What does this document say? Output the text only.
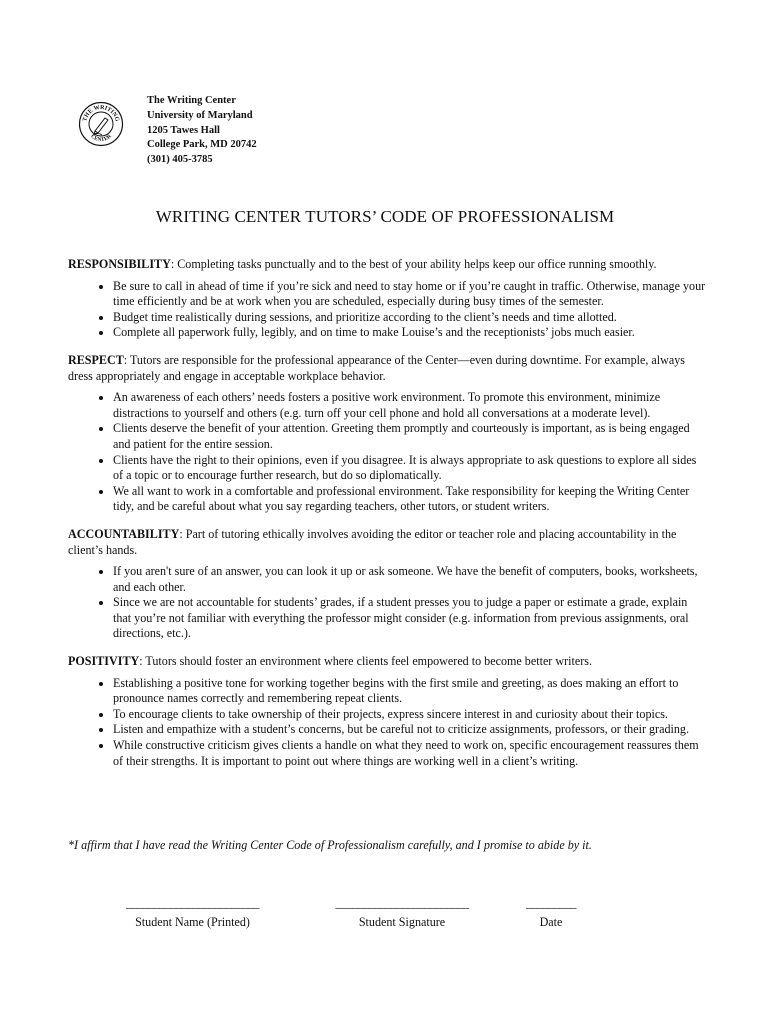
THE WRITING
CENTER
The Writing Center
University of Maryland
1205 Tawes Hall
College Park, MD 20742
(301) 405-3785
WRITING CENTER TUTORS’ CODE OF PROFESSIONALISM

RESPONSIBILITY: Completing tasks punctually and to the best of your ability helps keep our office running smoothly.

• Be sure to call in ahead of time if you’re sick and need to stay home or if you’re caught in traffic. Otherwise, manage your time efficiently and be at work when you are scheduled, especially during busy times of the semester.
• Budget time realistically during sessions, and prioritize according to the client’s needs and time allotted.
• Complete all paperwork fully, legibly, and on time to make Louise’s and the receptionists’ jobs much easier.

RESPECT: Tutors are responsible for the professional appearance of the Center—even during downtime. For example, always dress appropriately and engage in acceptable workplace behavior.

• An awareness of each others’ needs fosters a positive work environment. To promote this environment, minimize distractions to yourself and others (e.g. turn off your cell phone and hold all conversations at a moderate level).
• Clients deserve the benefit of your attention. Greeting them promptly and courteously is important, as is being engaged and patient for the entire session.
• Clients have the right to their opinions, even if you disagree. It is always appropriate to ask questions to explore all sides of a topic or to encourage further research, but do so diplomatically.
• We all want to work in a comfortable and professional environment. Take responsibility for keeping the Writing Center tidy, and be careful about what you say regarding teachers, other tutors, or student writers.

ACCOUNTABILITY: Part of tutoring ethically involves avoiding the editor or teacher role and placing accountability in the client’s hands.

• If you aren't sure of an answer, you can look it up or ask someone. We have the benefit of computers, books, worksheets, and each other.
• Since we are not accountable for students’ grades, if a student presses you to judge a paper or estimate a grade, explain that you’re not familiar with everything the professor might consider (e.g. information from previous assignments, oral directions, etc.).

POSITIVITY: Tutors should foster an environment where clients feel empowered to become better writers.

• Establishing a positive tone for working together begins with the first smile and greeting, as does making an effort to pronounce names correctly and remembering repeat clients.
• To encourage clients to take ownership of their projects, express sincere interest in and curiosity about their topics.
• Listen and empathize with a student’s concerns, but be careful not to criticize assignments, professors, or their grading.
• While constructive criticism gives clients a handle on what they need to work on, specific encouragement reassures them of their strengths. It is important to point out where things are working well in a client’s writing.
*I affirm that I have read the Writing Center Code of Professionalism carefully, and I promise to abide by it.
________________________
Student Name (Printed)
________________________
Student Signature
_________
Date
